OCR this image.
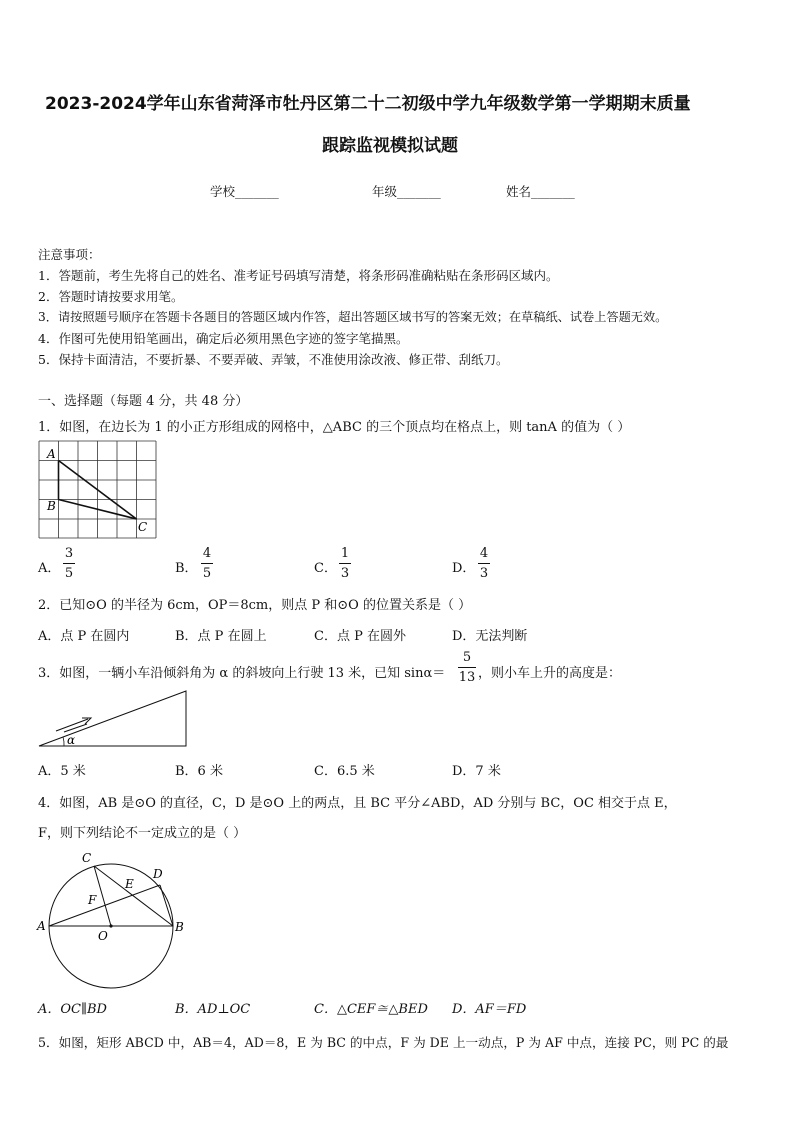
2023-2024学年山东省菏泽市牡丹区第二十二初级中学九年级数学第一学期期末质量
跟踪监视模拟试题
学校_______	年级_______	姓名_______
注意事项：
1．答题前，考生先将自己的姓名、准考证号码填写清楚，将条形码准确粘贴在条形码区域内。
2．答题时请按要求用笔。
3．请按照题号顺序在答题卡各题目的答题区域内作答，超出答题区域书写的答案无效；在草稿纸、试卷上答题无效。
4．作图可先使用铅笔画出，确定后必须用黑色字迹的签字笔描黑。
5．保持卡面清洁，不要折暴、不要弄破、弄皱，不准使用涂改液、修正带、刮纸刀。
一、选择题（每题 4 分，共 48 分）
1．如图，在边长为 1 的小正方形组成的网格中，△ABC 的三个顶点均在格点上，则 tanA 的值为（ ）
A
B
C
A．
3
5	B．
4
5	C．
1
3	D．
4
3
2．已知⊙O 的半径为 6cm，OP＝8cm，则点 P 和⊙O 的位置关系是（ ）
A．点 P 在圆内	B．点 P 在圆上	C．点 P 在圆外	D．无法判断
3．如图，一辆小车沿倾斜角为 α 的斜坡向上行驶 13 米，已知 sinα＝
5
13 ，则小车上升的高度是：
α
A．5 米	B．6 米	C．6.5 米	D．7 米
4．如图，AB 是⊙O 的直径，C，D 是⊙O 上的两点，且 BC 平分∠ABD，AD 分别与 BC，OC 相交于点 E，
F，则下列结论不一定成立的是（ ）
C
D
E
F
A
O
B
A．OC∥BD	B．AD⊥OC	C．△CEF≅△BED D．AF＝FD
5．如图，矩形 ABCD 中，AB＝4，AD＝8，E 为 BC 的中点，F 为 DE 上一动点，P 为 AF 中点，连接 PC，则 PC 的最
